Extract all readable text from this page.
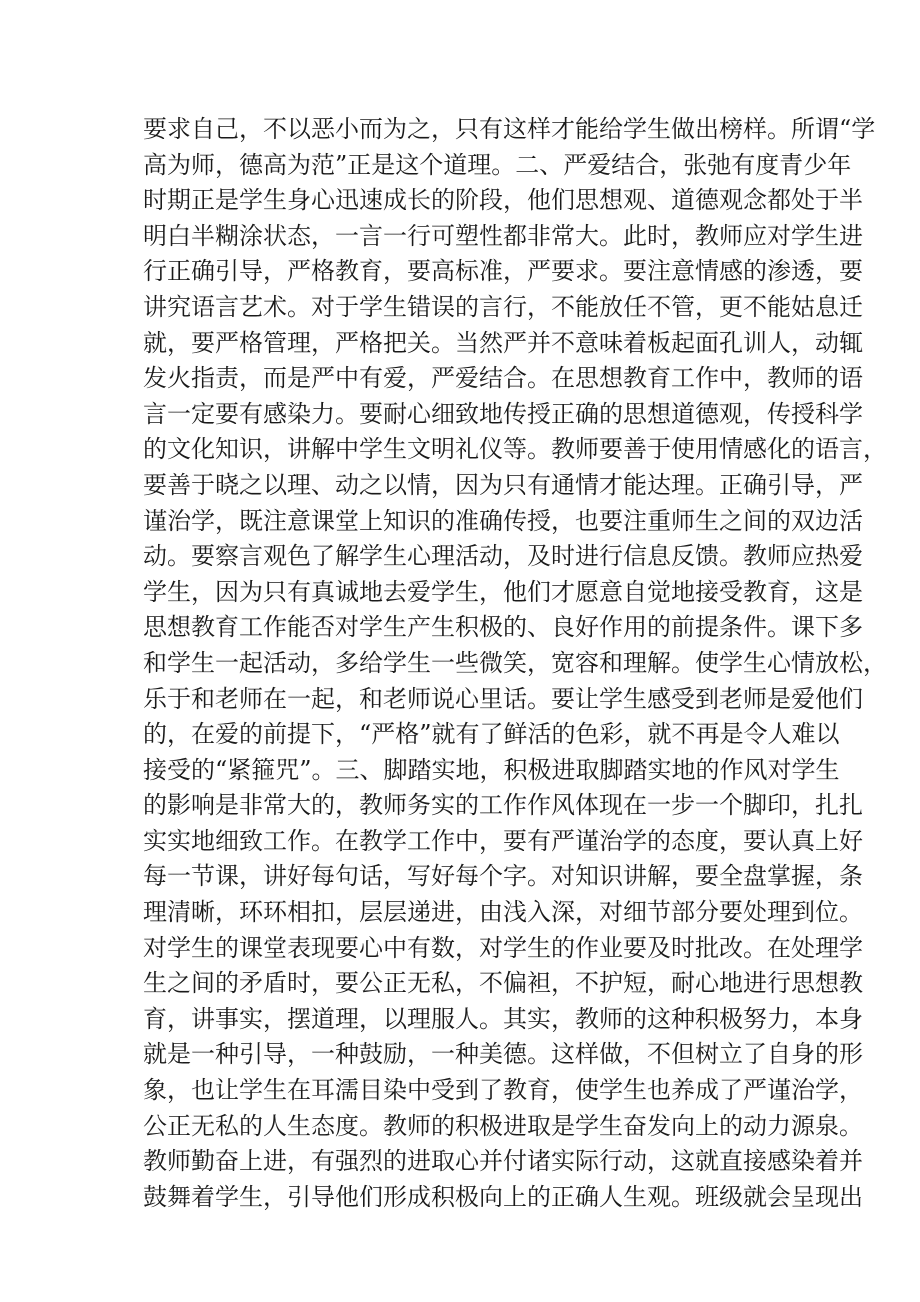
要求自己，不以恶小而为之，只有这样才能给学生做出榜样。所谓“学
高为师，德高为范”正是这个道理。二、严爱结合，张弛有度青少年
时期正是学生身心迅速成长的阶段，他们思想观、道德观念都处于半
明白半糊涂状态，一言一行可塑性都非常大。此时，教师应对学生进
行正确引导，严格教育，要高标准，严要求。要注意情感的渗透，要
讲究语言艺术。对于学生错误的言行，不能放任不管，更不能姑息迁
就，要严格管理，严格把关。当然严并不意味着板起面孔训人，动辄
发火指责，而是严中有爱，严爱结合。在思想教育工作中，教师的语
言一定要有感染力。要耐心细致地传授正确的思想道德观，传授科学
的文化知识，讲解中学生文明礼仪等。教师要善于使用情感化的语言，
要善于晓之以理、动之以情，因为只有通情才能达理。正确引导，严
谨治学，既注意课堂上知识的准确传授，也要注重师生之间的双边活
动。要察言观色了解学生心理活动，及时进行信息反馈。教师应热爱
学生，因为只有真诚地去爱学生，他们才愿意自觉地接受教育，这是
思想教育工作能否对学生产生积极的、良好作用的前提条件。课下多
和学生一起活动，多给学生一些微笑，宽容和理解。使学生心情放松，
乐于和老师在一起，和老师说心里话。要让学生感受到老师是爱他们
的，在爱的前提下，“严格”就有了鲜活的色彩，就不再是令人难以
接受的“紧箍咒”。三、脚踏实地，积极进取脚踏实地的作风对学生
的影响是非常大的，教师务实的工作作风体现在一步一个脚印，扎扎
实实地细致工作。在教学工作中，要有严谨治学的态度，要认真上好
每一节课，讲好每句话，写好每个字。对知识讲解，要全盘掌握，条
理清晰，环环相扣，层层递进，由浅入深，对细节部分要处理到位。
对学生的课堂表现要心中有数，对学生的作业要及时批改。在处理学
生之间的矛盾时，要公正无私，不偏袒，不护短，耐心地进行思想教
育，讲事实，摆道理，以理服人。其实，教师的这种积极努力，本身
就是一种引导，一种鼓励，一种美德。这样做，不但树立了自身的形
象，也让学生在耳濡目染中受到了教育，使学生也养成了严谨治学，
公正无私的人生态度。教师的积极进取是学生奋发向上的动力源泉。
教师勤奋上进，有强烈的进取心并付诸实际行动，这就直接感染着并
鼓舞着学生，引导他们形成积极向上的正确人生观。班级就会呈现出
